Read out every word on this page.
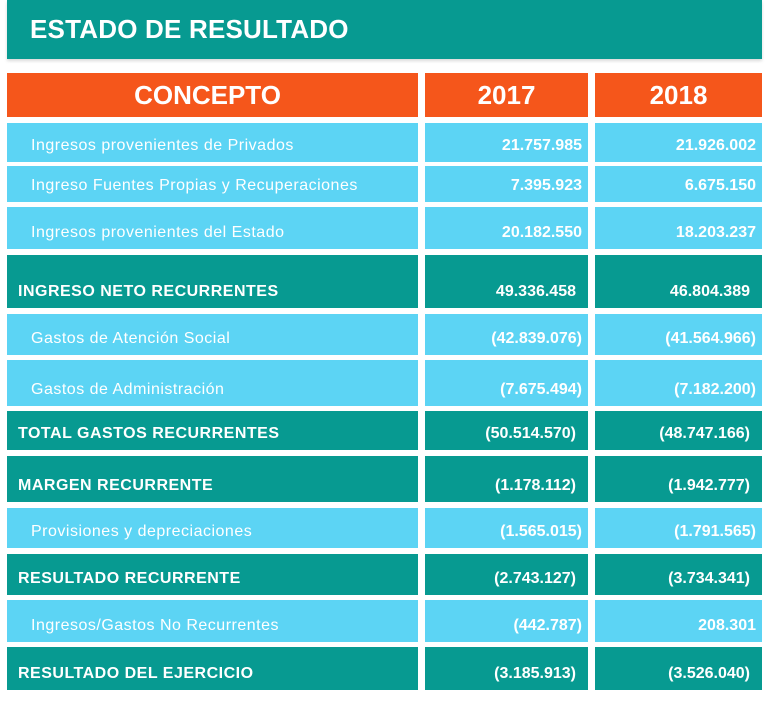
ESTADO DE RESULTADO
CONCEPTO	2017	2018
Ingresos provenientes de Privados	21.757.985	21.926.002
Ingreso Fuentes Propias y Recuperaciones	7.395.923	6.675.150
Ingresos provenientes del Estado	20.182.550	18.203.237
INGRESO NETO RECURRENTES	49.336.458	46.804.389
Gastos de Atención Social	(42.839.076)	(41.564.966)
Gastos de Administración	(7.675.494)	(7.182.200)
TOTAL GASTOS RECURRENTES	(50.514.570)	(48.747.166)
MARGEN RECURRENTE	(1.178.112)	(1.942.777)
Provisiones y depreciaciones	(1.565.015)	(1.791.565)
RESULTADO RECURRENTE	(2.743.127)	(3.734.341)
Ingresos/Gastos No Recurrentes	(442.787)	208.301
RESULTADO DEL EJERCICIO	(3.185.913)	(3.526.040)
